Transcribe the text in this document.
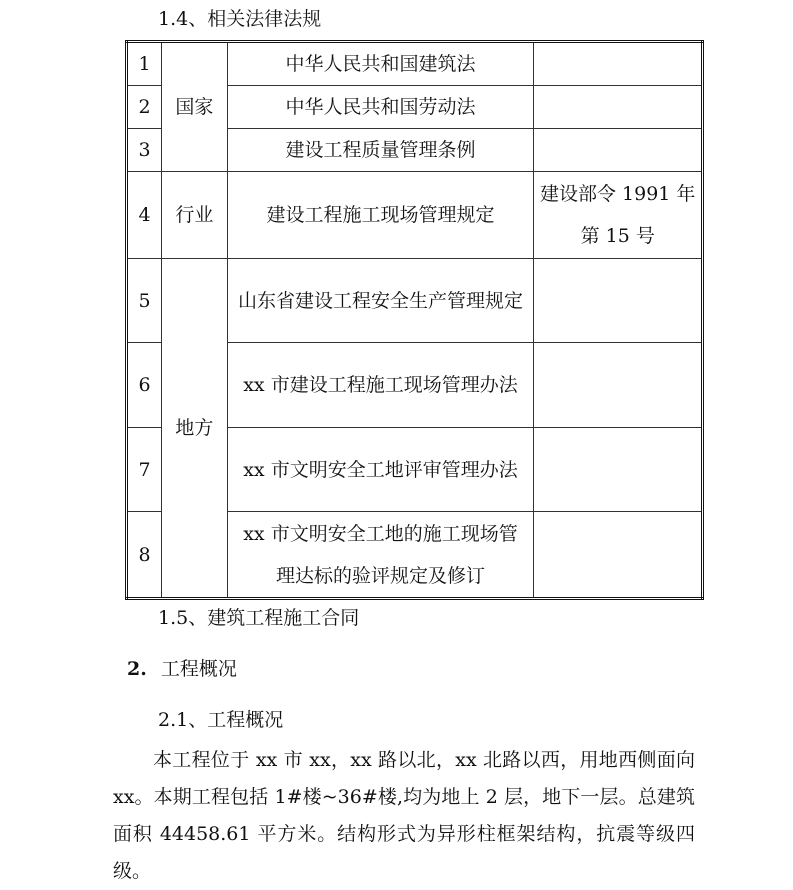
1.4、相关法律法规
1	国家	中华人民共和国建筑法	
2		中华人民共和国劳动法	
3		建设工程质量管理条例	
4	行业	建设工程施工现场管理规定	建设部令 1991 年第 15 号
5	地方	山东省建设工程安全生产管理规定	
6		xx 市建设工程施工现场管理办法	
7		xx 市文明安全工地评审管理办法	
8		xx 市文明安全工地的施工现场管理达标的验评规定及修订	
1.5、建筑工程施工合同
2. 工程概况
2.1、工程概况
本工程位于 xx 市 xx，xx 路以北，xx 北路以西，用地西侧面向 xx。本期工程包括 1#楼~36#楼,均为地上 2 层，地下一层。总建筑面积 44458.61 平方米。结构形式为异形柱框架结构，抗震等级四级。
